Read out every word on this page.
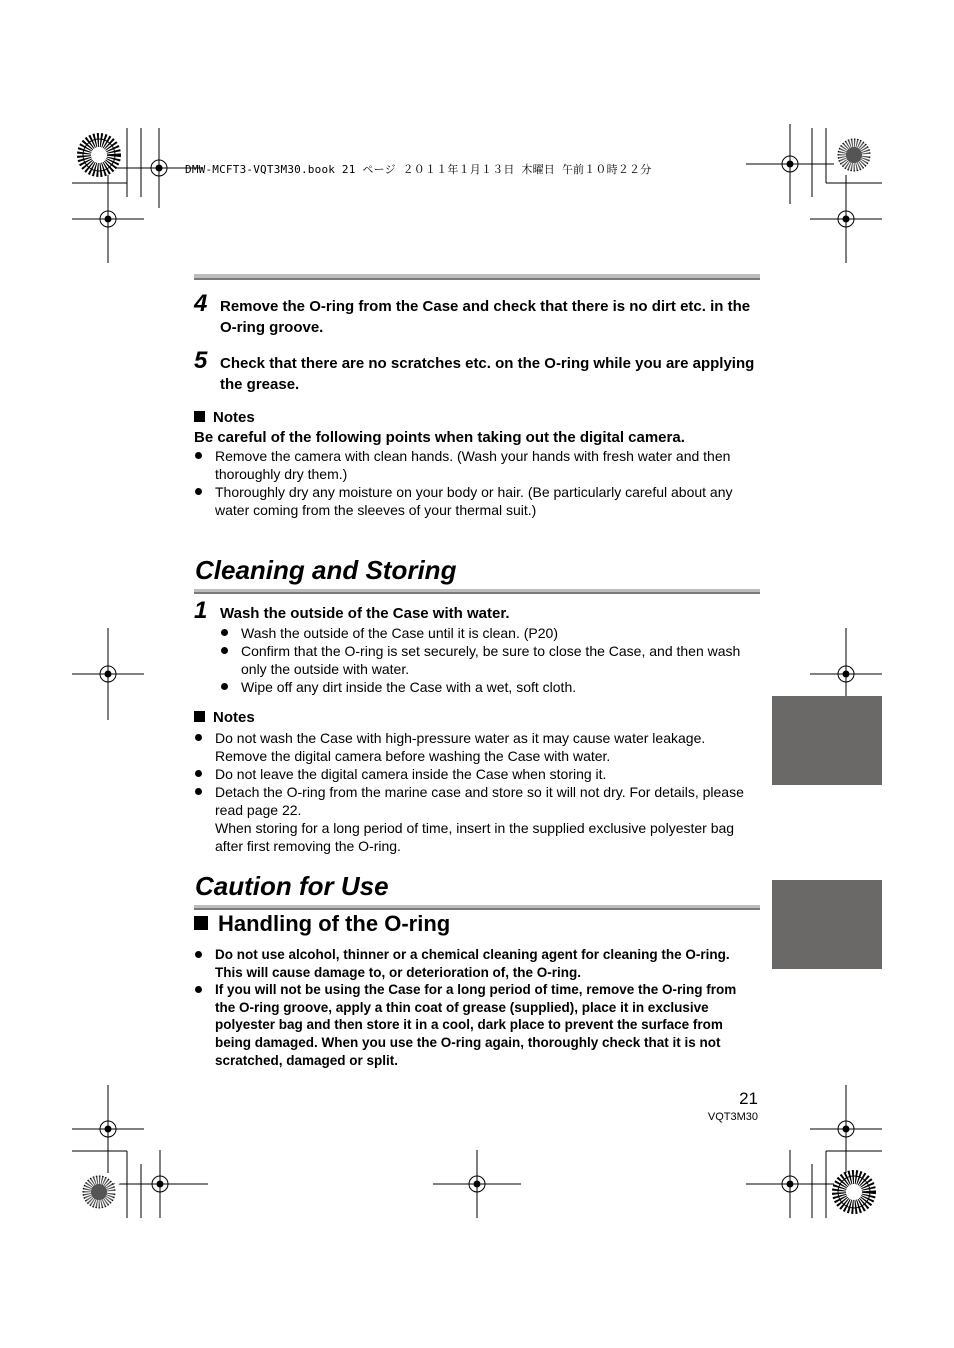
DMW-MCFT3-VQT3M30.book 21 ページ ２０１１年１月１３日 木曜日 午前１０時２２分
4 Remove the O-ring from the Case and check that there is no dirt etc. in the O-ring groove.
5 Check that there are no scratches etc. on the O-ring while you are applying the grease.
Notes
Be careful of the following points when taking out the digital camera.
Remove the camera with clean hands. (Wash your hands with fresh water and then thoroughly dry them.)
Thoroughly dry any moisture on your body or hair. (Be particularly careful about any water coming from the sleeves of your thermal suit.)
Cleaning and Storing
1 Wash the outside of the Case with water.
Wash the outside of the Case until it is clean. (P20)
Confirm that the O-ring is set securely, be sure to close the Case, and then wash only the outside with water.
Wipe off any dirt inside the Case with a wet, soft cloth.
Notes
Do not wash the Case with high-pressure water as it may cause water leakage. Remove the digital camera before washing the Case with water.
Do not leave the digital camera inside the Case when storing it.
Detach the O-ring from the marine case and store so it will not dry. For details, please read page 22.
When storing for a long period of time, insert in the supplied exclusive polyester bag after first removing the O-ring.
Caution for Use
Handling of the O-ring
Do not use alcohol, thinner or a chemical cleaning agent for cleaning the O-ring. This will cause damage to, or deterioration of, the O-ring.
If you will not be using the Case for a long period of time, remove the O-ring from the O-ring groove, apply a thin coat of grease (supplied), place it in exclusive polyester bag and then store it in a cool, dark place to prevent the surface from being damaged. When you use the O-ring again, thoroughly check that it is not scratched, damaged or split.
21
VQT3M30
